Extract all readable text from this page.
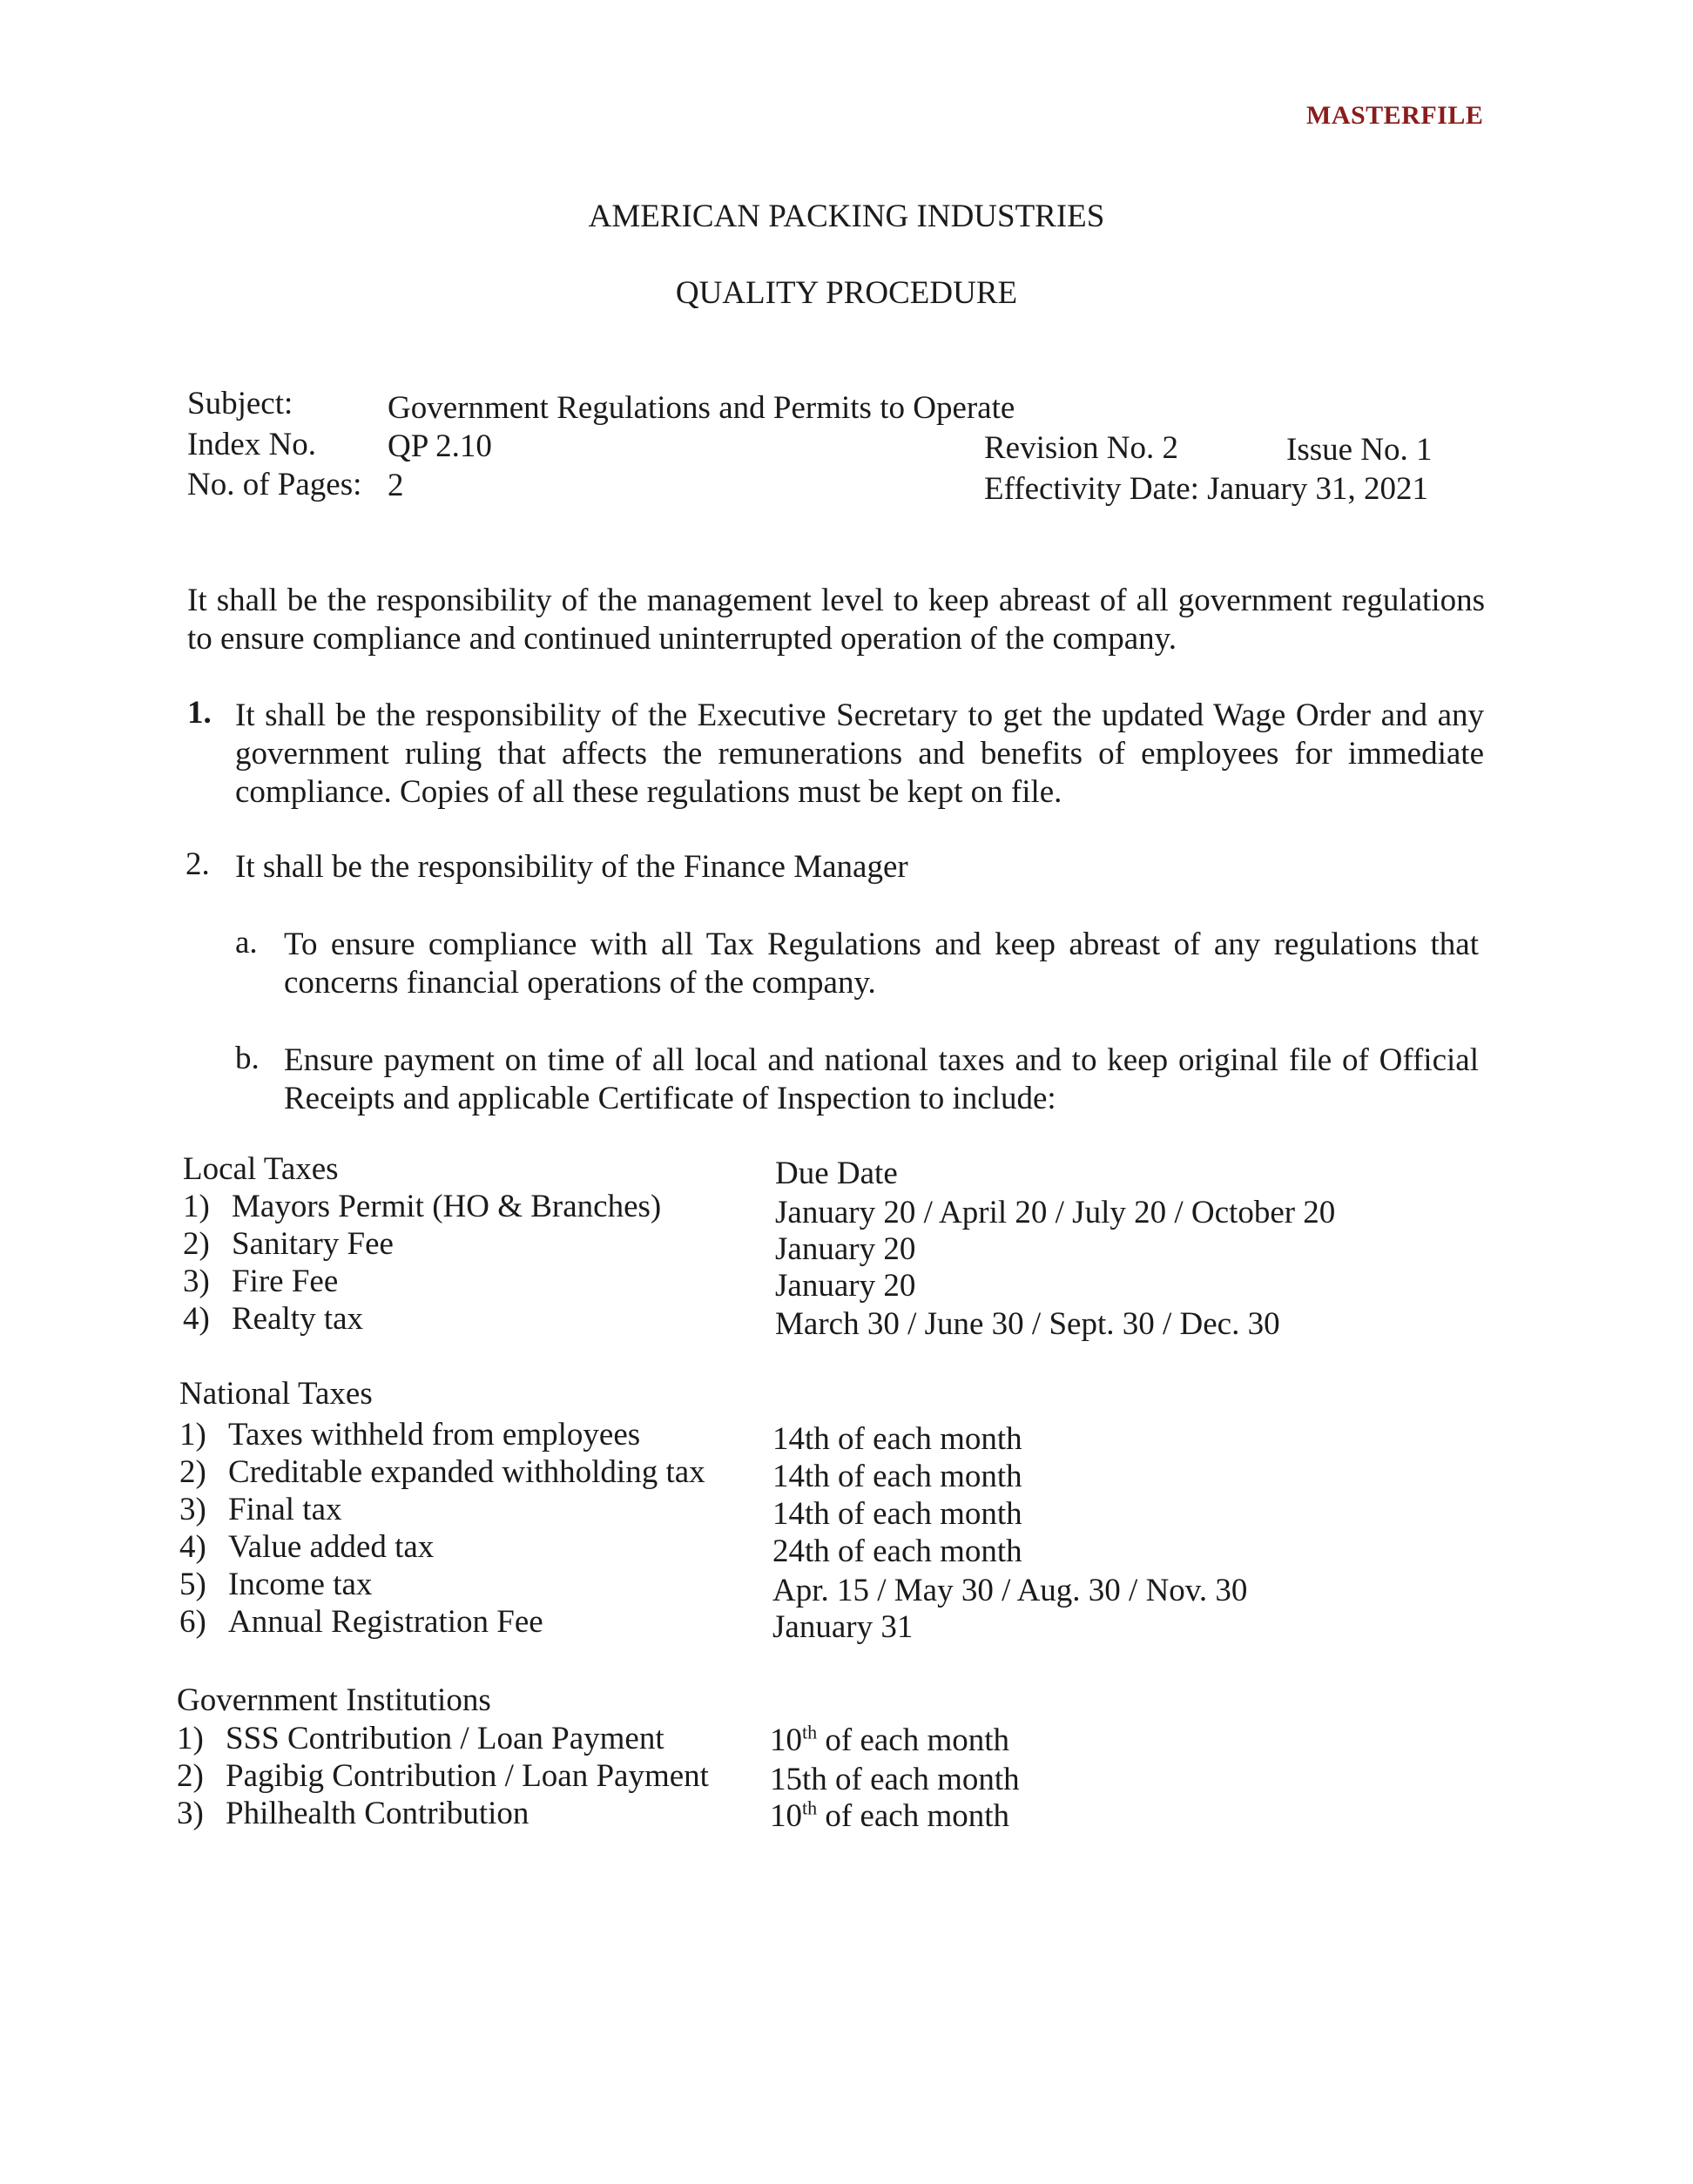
MASTERFILE
AMERICAN PACKING INDUSTRIES
QUALITY PROCEDURE
Subject:	Government Regulations and Permits to Operate
Index No. QP 2.10
No. of Pages: 2
Revision No. 2	Issue No. 1
Effectivity Date: January 31, 2021
It shall be the responsibility of the management level to keep abreast of all government regulations to ensure compliance and continued uninterrupted operation of the company.
1. It shall be the responsibility of the Executive Secretary to get the updated Wage Order and any government ruling that affects the remunerations and benefits of employees for immediate compliance. Copies of all these regulations must be kept on file.
2. It shall be the responsibility of the Finance Manager
a. To ensure compliance with all Tax Regulations and keep abreast of any regulations that concerns financial operations of the company.
b. Ensure payment on time of all local and national taxes and to keep original file of Official Receipts and applicable Certificate of Inspection to include:
Local Taxes	Due Date
1) Mayors Permit (HO & Branches)	January 20 / April 20 / July 20 / October 20
2) Sanitary Fee	January 20
3) Fire Fee	January 20
4) Realty tax	March 30 / June 30 / Sept. 30 / Dec. 30
National Taxes
1) Taxes withheld from employees	14th of each month
2) Creditable expanded withholding tax 14th of each month
3) Final tax	14th of each month
4) Value added tax	24th of each month
5) Income tax	Apr. 15 / May 30 / Aug. 30 / Nov. 30
6) Annual Registration Fee	January 31
Government Institutions
1) SSS Contribution / Loan Payment	10th of each month
2) Pagibig Contribution / Loan Payment 15th of each month
3) Philhealth Contribution	10th of each month
